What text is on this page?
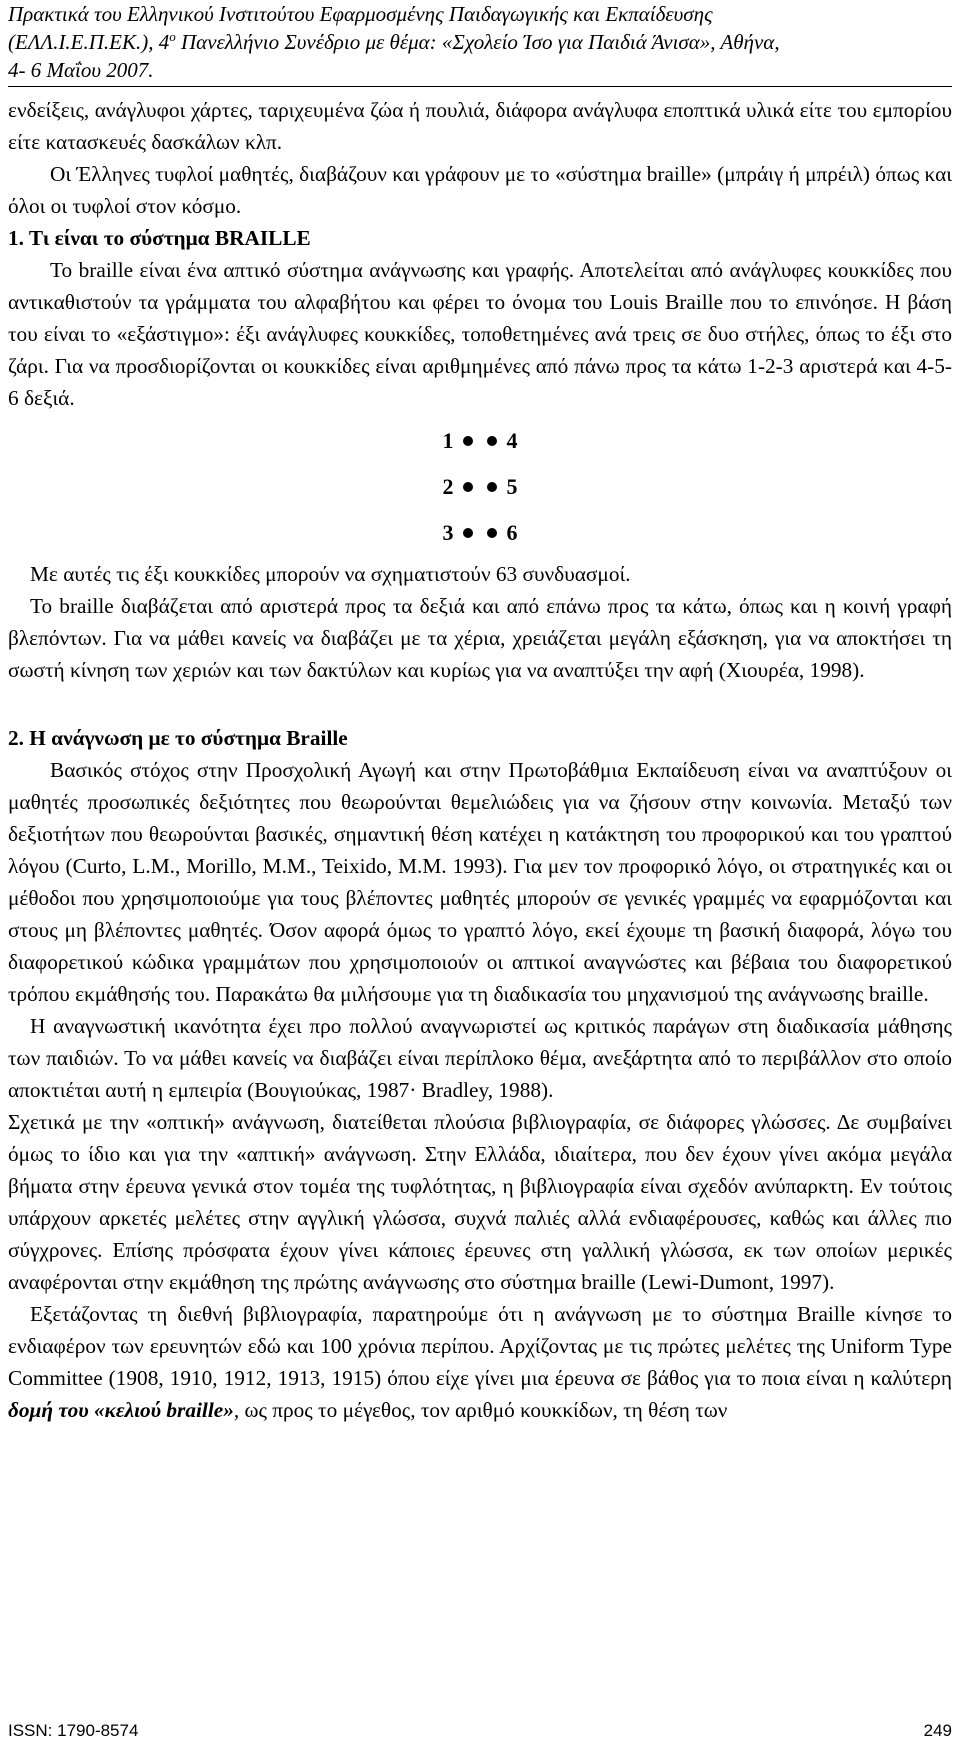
Πρακτικά του Ελληνικού Ινστιτούτου Εφαρμοσμένης Παιδαγωγικής και Εκπαίδευσης
(ΕΛΛ.Ι.Ε.Π.ΕΚ.), $4^o$ Πανελλήνιο Συνέδριο με θέμα: «Σχολείο Ίσο για Παιδιά Άνισα», Αθήνα,
4- 6 Μαΐου 2007.

ενδείξεις, ανάγλυφοι χάρτες, ταριχευμένα ζώα ή πουλιά, διάφορα ανάγλυφα εποπτικά υλικά είτε του εμπορίου είτε κατασκευές δασκάλων κλπ.

Οι Έλληνες τυφλοί μαθητές, διαβάζουν και γράφουν με το «σύστημα braille» (μπράιγ ή μπρέιλ) όπως και όλοι οι τυφλοί στον κόσμο.

1. Τι είναι το σύστημα BRAILLE

Το braille είναι ένα απτικό σύστημα ανάγνωσης και γραφής. Αποτελείται από ανάγλυφες κουκκίδες που αντικαθιστούν τα γράμματα του αλφαβήτου και φέρει το όνομα του Louis Braille που το επινόησε. Η βάση του είναι το «εξάστιγμο»: έξι ανάγλυφες κουκκίδες, τοποθετημένες ανά τρεις σε δυο στήλες, όπως το έξι στο ζάρι. Για να προσδιορίζονται οι κουκκίδες είναι αριθμημένες από πάνω προς τα κάτω 1-2-3 αριστερά και 4-5-6 δεξιά.

1 4
2 5
3 6

Με αυτές τις έξι κουκκίδες μπορούν να σχηματιστούν 63 συνδυασμοί.

Το braille διαβάζεται από αριστερά προς τα δεξιά και από επάνω προς τα κάτω, όπως και η κοινή γραφή βλεπόντων. Για να μάθει κανείς να διαβάζει με τα χέρια, χρειάζεται μεγάλη εξάσκηση, για να αποκτήσει τη σωστή κίνηση των χεριών και των δακτύλων και κυρίως για να αναπτύξει την αφή (Χιουρέα, 1998).

2. Η ανάγνωση με το σύστημα Braille

Βασικός στόχος στην Προσχολική Αγωγή και στην Πρωτοβάθμια Εκπαίδευση είναι να αναπτύξουν οι μαθητές προσωπικές δεξιότητες που θεωρούνται θεμελιώδεις για να ζήσουν στην κοινωνία. Μεταξύ των δεξιοτήτων που θεωρούνται βασικές, σημαντική θέση κατέχει η κατάκτηση του προφορικού και του γραπτού λόγου (Curto, L.M., Morillo, M.M., Teixido, M.M. 1993). Για μεν τον προφορικό λόγο, οι στρατηγικές και οι μέθοδοι που χρησιμοποιούμε για τους βλέποντες μαθητές μπορούν σε γενικές γραμμές να εφαρμόζονται και στους μη βλέποντες μαθητές. Όσον αφορά όμως το γραπτό λόγο, εκεί έχουμε τη βασική διαφορά, λόγω του διαφορετικού κώδικα γραμμάτων που χρησιμοποιούν οι απτικοί αναγνώστες και βέβαια του διαφορετικού τρόπου εκμάθησής του. Παρακάτω θα μιλήσουμε για τη διαδικασία του μηχανισμού της ανάγνωσης braille.

Η αναγνωστική ικανότητα έχει προ πολλού αναγνωριστεί ως κριτικός παράγων στη διαδικασία μάθησης των παιδιών. Το να μάθει κανείς να διαβάζει είναι περίπλοκο θέμα, ανεξάρτητα από το περιβάλλον στο οποίο αποκτιέται αυτή η εμπειρία (Βουγιούκας, 1987· Bradley, 1988).

Σχετικά με την «οπτική» ανάγνωση, διατείθεται πλούσια βιβλιογραφία, σε διάφορες γλώσσες. Δε συμβαίνει όμως το ίδιο και για την «απτική» ανάγνωση. Στην Ελλάδα, ιδιαίτερα, που δεν έχουν γίνει ακόμα μεγάλα βήματα στην έρευνα γενικά στον τομέα της τυφλότητας, η βιβλιογραφία είναι σχεδόν ανύπαρκτη. Εν τούτοις υπάρχουν αρκετές μελέτες στην αγγλική γλώσσα, συχνά παλιές αλλά ενδιαφέρουσες, καθώς και άλλες πιο σύγχρονες. Επίσης πρόσφατα έχουν γίνει κάποιες έρευνες στη γαλλική γλώσσα, εκ των οποίων μερικές αναφέρονται στην εκμάθηση της πρώτης ανάγνωσης στο σύστημα braille (Lewi-Dumont, 1997).

Εξετάζοντας τη διεθνή βιβλιογραφία, παρατηρούμε ότι η ανάγνωση με το σύστημα Braille κίνησε το ενδιαφέρον των ερευνητών εδώ και 100 χρόνια περίπου. Αρχίζοντας με τις πρώτες μελέτες της Uniform Type Committee (1908, 1910, 1912, 1913, 1915) όπου είχε γίνει μια έρευνα σε βάθος για το ποια είναι η καλύτερη δομή του «κελιού braille», ως προς το μέγεθος, τον αριθμό κουκκίδων, τη θέση των

ISSN: 1790-8574	249
